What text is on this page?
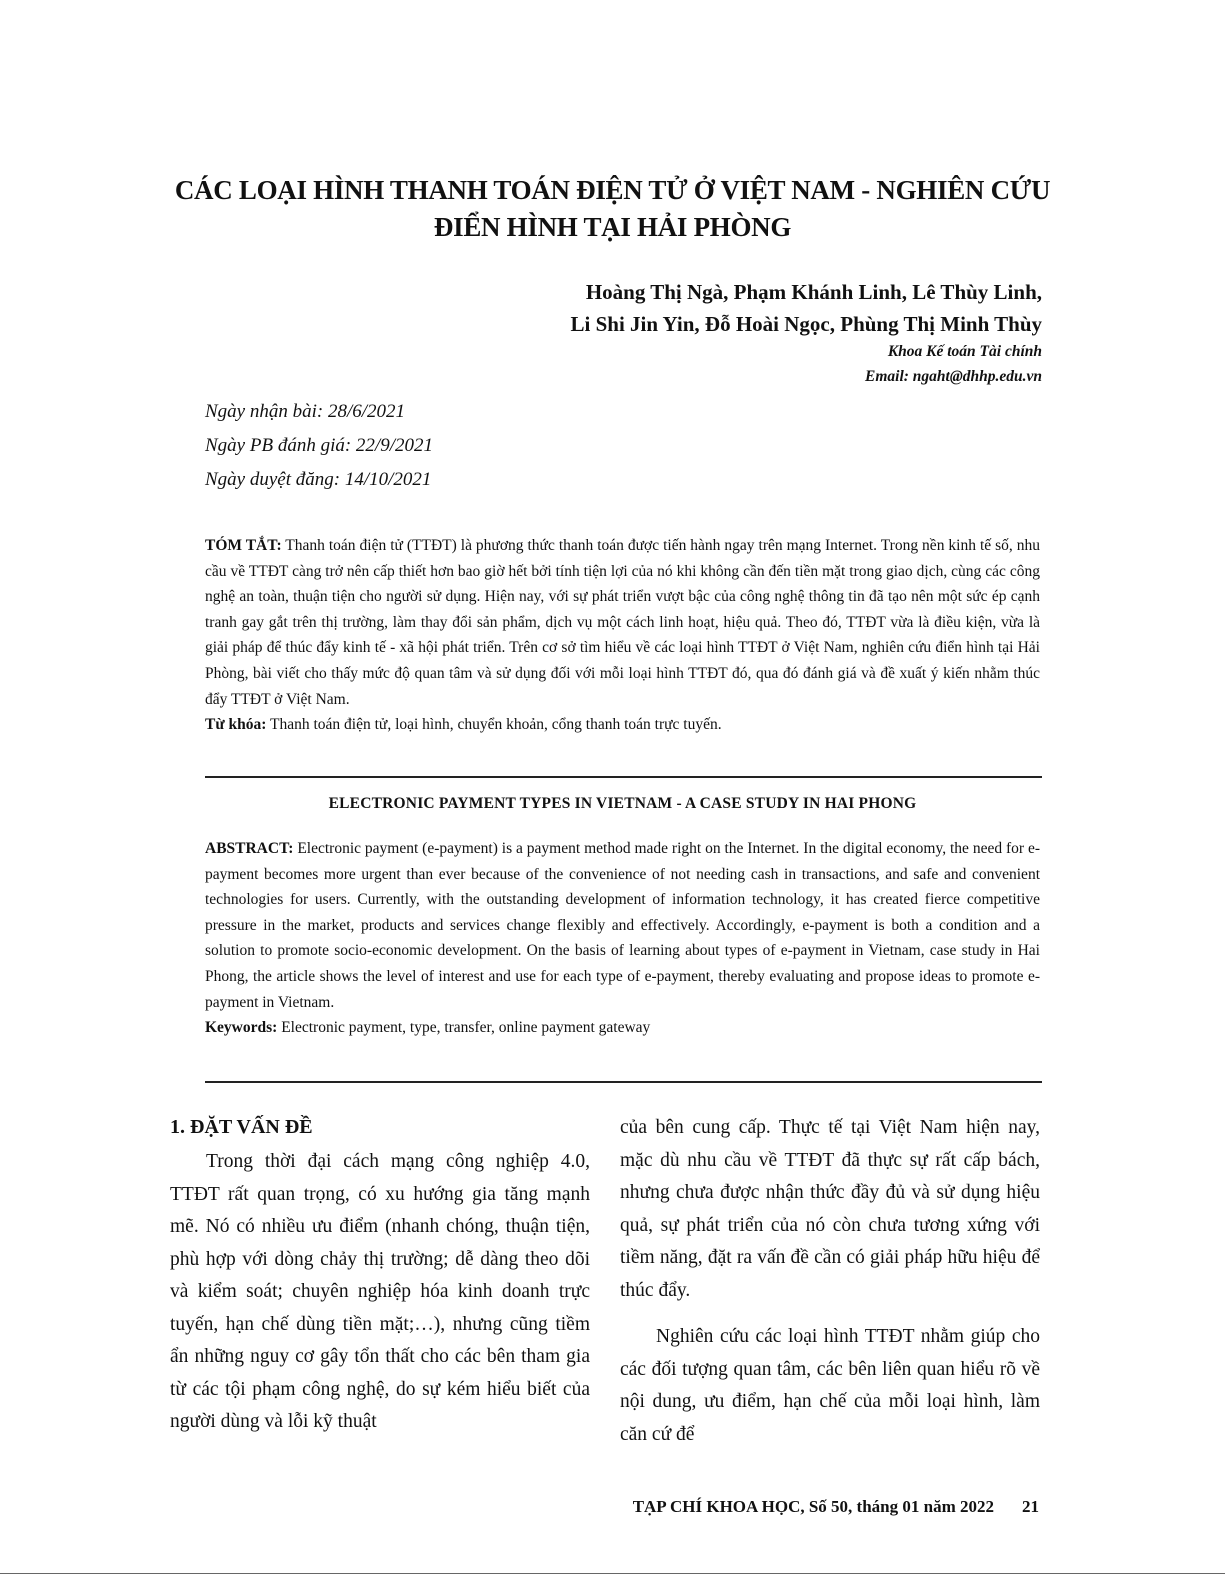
CÁC LOẠI HÌNH THANH TOÁN ĐIỆN TỬ Ở VIỆT NAM - NGHIÊN CỨU
ĐIỂN HÌNH TẠI HẢI PHÒNG
Hoàng Thị Ngà, Phạm Khánh Linh, Lê Thùy Linh,
Li Shi Jin Yin, Đỗ Hoài Ngọc, Phùng Thị Minh Thùy
Khoa Kế toán Tài chính
Email: ngaht@dhhp.edu.vn
Ngày nhận bài: 28/6/2021
Ngày PB đánh giá: 22/9/2021
Ngày duyệt đăng: 14/10/2021
TÓM TẮT: Thanh toán điện tử (TTĐT) là phương thức thanh toán được tiến hành ngay trên mạng Internet. Trong nền kinh tế số, nhu cầu về TTĐT càng trở nên cấp thiết hơn bao giờ hết bởi tính tiện lợi của nó khi không cần đến tiền mặt trong giao dịch, cùng các công nghệ an toàn, thuận tiện cho người sử dụng. Hiện nay, với sự phát triển vượt bậc của công nghệ thông tin đã tạo nên một sức ép cạnh tranh gay gắt trên thị trường, làm thay đổi sản phẩm, dịch vụ một cách linh hoạt, hiệu quả. Theo đó, TTĐT vừa là điều kiện, vừa là giải pháp để thúc đẩy kinh tế - xã hội phát triển. Trên cơ sở tìm hiểu về các loại hình TTĐT ở Việt Nam, nghiên cứu điển hình tại Hải Phòng, bài viết cho thấy mức độ quan tâm và sử dụng đối với mỗi loại hình TTĐT đó, qua đó đánh giá và đề xuất ý kiến nhằm thúc đẩy TTĐT ở Việt Nam.
Từ khóa: Thanh toán điện tử, loại hình, chuyển khoản, cổng thanh toán trực tuyến.
ELECTRONIC PAYMENT TYPES IN VIETNAM - A CASE STUDY IN HAI PHONG
ABSTRACT: Electronic payment (e-payment) is a payment method made right on the Internet. In the digital economy, the need for e-payment becomes more urgent than ever because of the convenience of not needing cash in transactions, and safe and convenient technologies for users. Currently, with the outstanding development of information technology, it has created fierce competitive pressure in the market, products and services change flexibly and effectively. Accordingly, e-payment is both a condition and a solution to promote socio-economic development. On the basis of learning about types of e-payment in Vietnam, case study in Hai Phong, the article shows the level of interest and use for each type of e-payment, thereby evaluating and propose ideas to promote e-payment in Vietnam.
Keywords: Electronic payment, type, transfer, online payment gateway
1. ĐẶT VẤN ĐỀ

Trong thời đại cách mạng công nghiệp 4.0, TTĐT rất quan trọng, có xu hướng gia tăng mạnh mẽ. Nó có nhiều ưu điểm (nhanh chóng, thuận tiện, phù hợp với dòng chảy thị trường; dễ dàng theo dõi và kiểm soát; chuyên nghiệp hóa kinh doanh trực tuyến, hạn chế dùng tiền mặt;…), nhưng cũng tiềm ẩn những nguy cơ gây tổn thất cho các bên tham gia từ các tội phạm công nghệ, do sự kém hiểu biết của người dùng và lỗi kỹ thuật

của bên cung cấp. Thực tế tại Việt Nam hiện nay, mặc dù nhu cầu về TTĐT đã thực sự rất cấp bách, nhưng chưa được nhận thức đầy đủ và sử dụng hiệu quả, sự phát triển của nó còn chưa tương xứng với tiềm năng, đặt ra vấn đề cần có giải pháp hữu hiệu để thúc đẩy.

Nghiên cứu các loại hình TTĐT nhằm giúp cho các đối tượng quan tâm, các bên liên quan hiểu rõ về nội dung, ưu điểm, hạn chế của mỗi loại hình, làm căn cứ để

TẠP CHÍ KHOA HỌC, Số 50, tháng 01 năm 2022 21
